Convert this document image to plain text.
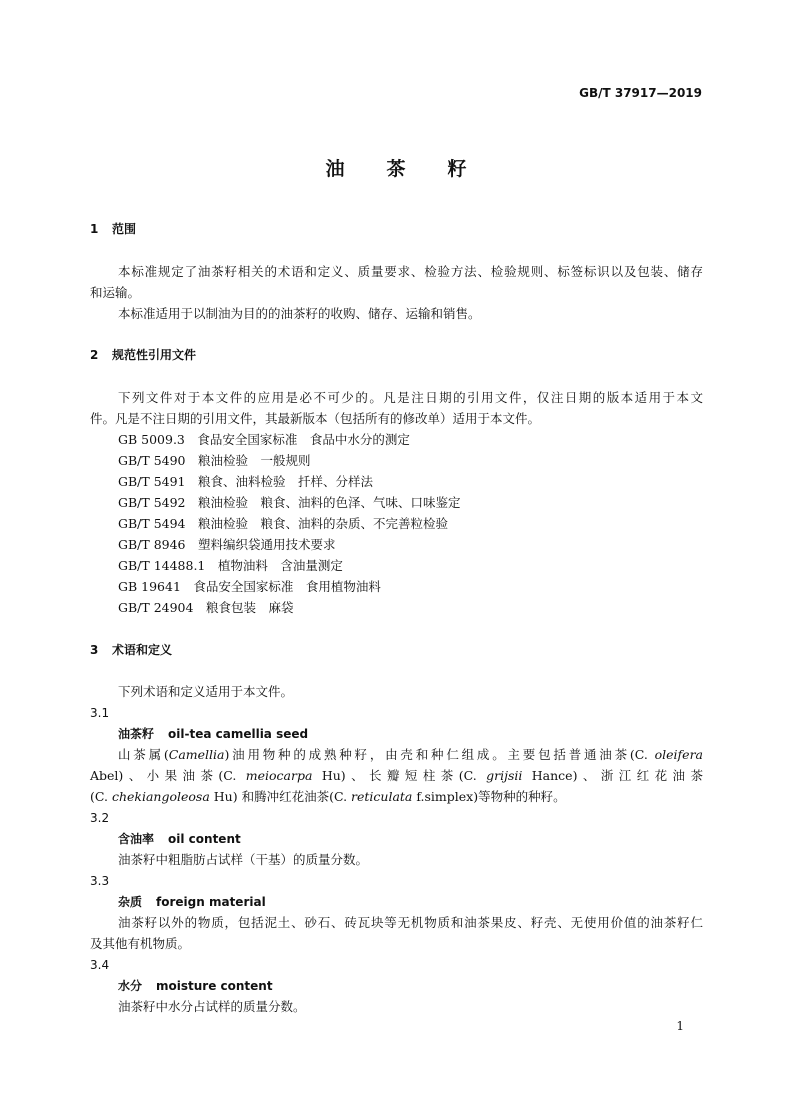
GB/T 37917—2019
油茶籽
1 范围
本标准规定了油茶籽相关的术语和定义、质量要求、检验方法、检验规则、标签标识以及包装、储存
和运输。
本标准适用于以制油为目的的油茶籽的收购、储存、运输和销售。
2 规范性引用文件
下列文件对于本文件的应用是必不可少的。凡是注日期的引用文件，仅注日期的版本适用于本文
件。凡是不注日期的引用文件，其最新版本（包括所有的修改单）适用于本文件。
GB 5009.3　食品安全国家标准　食品中水分的测定
GB/T 5490　粮油检验　一般规则
GB/T 5491　粮食、油料检验　扦样、分样法
GB/T 5492　粮油检验　粮食、油料的色泽、气味、口味鉴定
GB/T 5494　粮油检验　粮食、油料的杂质、不完善粒检验
GB/T 8946　塑料编织袋通用技术要求
GB/T 14488.1　植物油料　含油量测定
GB 19641　食品安全国家标准　食用植物油料
GB/T 24904　粮食包装　麻袋
3 术语和定义
下列术语和定义适用于本文件。
3.1
油茶籽 oil-tea camellia seed
山茶属(Camellia)油用物种的成熟种籽，由壳和种仁组成。主要包括普通油茶(C. oleifera
Abel)、小果油茶(C. meiocarpa Hu)、长瓣短柱茶(C. grijsii Hance)、浙江红花油茶
(C. chekiangoleosa Hu) 和腾冲红花油茶(C. reticulata f.simplex)等物种的种籽。
3.2
含油率 oil content
油茶籽中粗脂肪占试样（干基）的质量分数。
3.3
杂质 foreign material
油茶籽以外的物质，包括泥土、砂石、砖瓦块等无机物质和油茶果皮、籽壳、无使用价值的油茶籽仁
及其他有机物质。
3.4
水分 moisture content
油茶籽中水分占试样的质量分数。
1
